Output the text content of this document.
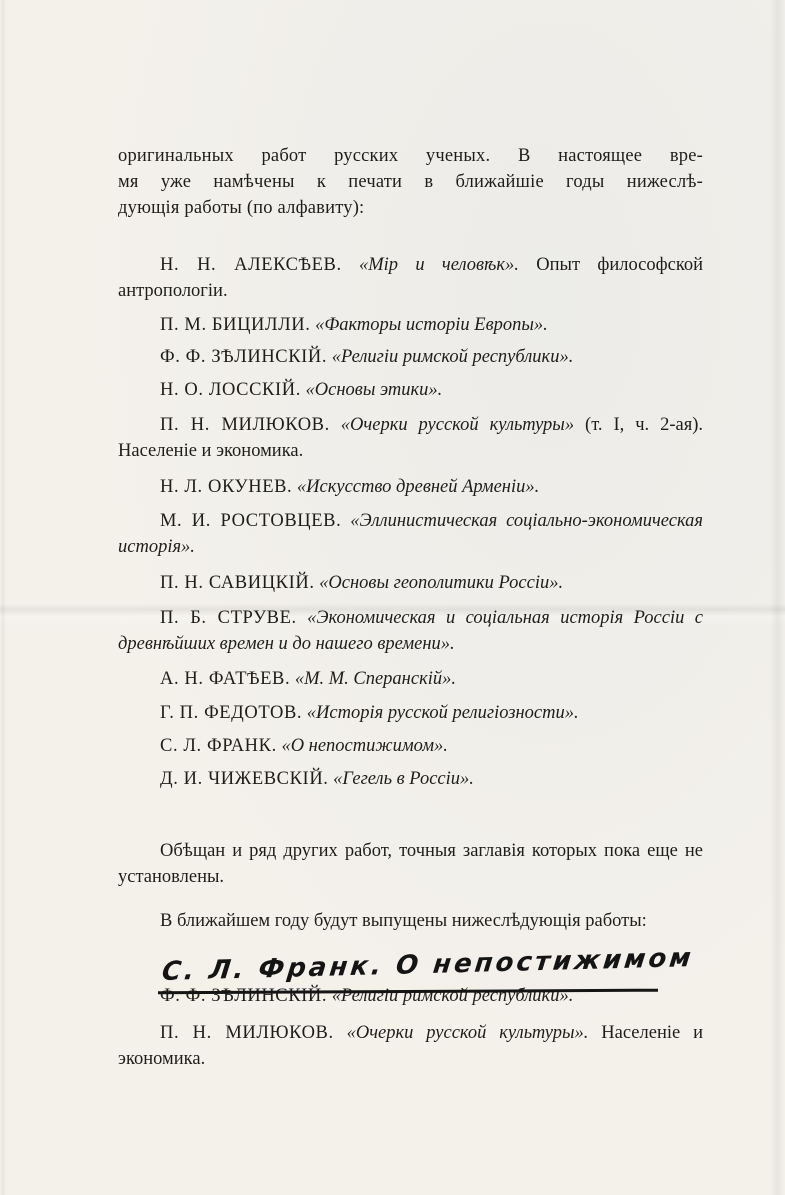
оригинальных работ русских ученых. В настоящее вре-

мя уже намѣчены к печати в ближайшіе годы нижеслѣ-

дующія работы (по алфавиту):

Н. Н. АЛЕКСѢЕВ. «Мір и человѣк». Опыт философской антропологіи.

П. М. БИЦИЛЛИ. «Факторы исторіи Европы».

Ф. Ф. ЗѢЛИНСКІЙ. «Религіи римской республики».

Н. О. ЛОССКІЙ. «Основы этики».

П. Н. МИЛЮКОВ. «Очерки русской культуры» (т. I, ч. 2-ая). Населеніе и экономика.

Н. Л. ОКУНЕВ. «Искусство древней Арменіи».

М. И. РОСТОВЦЕВ. «Эллинистическая соціально-экономическая исторія».

П. Н. САВИЦКІЙ. «Основы геополитики Россіи».

П. Б. СТРУВЕ. «Экономическая и соціальная исторія Россіи с древнѣйших времен и до нашего времени».

А. Н. ФАТѢЕВ. «М. М. Сперанскій».

Г. П. ФЕДОТОВ. «Исторія русской религіозности».

С. Л. ФРАНК. «О непостижимом».

Д. И. ЧИЖЕВСКІЙ. «Гегель в Россіи».

Обѣщан и ряд других работ, точныя заглавія которых пока еще не установлены.

В ближайшем году будут выпущены нижеслѣдующія работы:

С. Л. Франк. О непостижимом

Ф. Ф. ЗѢЛИНСКІЙ. «Религіи римской республики».

П. Н. МИЛЮКОВ. «Очерки русской культуры». Населеніе и экономика.
